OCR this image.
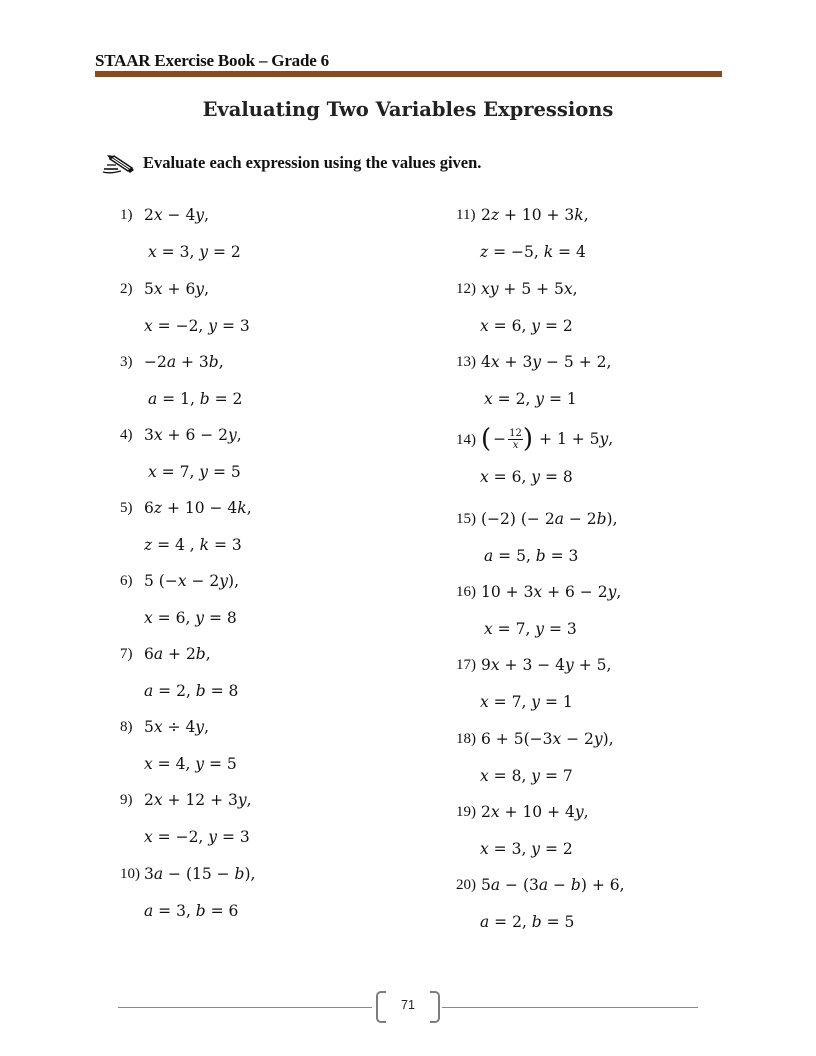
STAAR Exercise Book – Grade 6
Evaluating Two Variables Expressions
Evaluate each expression using the values given.
1) 2𝑥 − 4𝑦,
𝑥 = 3, 𝑦 = 2
2) 5𝑥 + 6𝑦,
𝑥 = −2, 𝑦 = 3
3) −2𝑎 + 3𝑏,
𝑎 = 1, 𝑏 = 2
4) 3𝑥 + 6 − 2𝑦,
𝑥 = 7, 𝑦 = 5
5) 6𝑧 + 10 − 4𝑘,
𝑧 = 4 , 𝑘 = 3
6) 5 (−𝑥 − 2𝑦),
𝑥 = 6, 𝑦 = 8
7) 6𝑎 + 2𝑏,
𝑎 = 2, 𝑏 = 8
8) 5𝑥 ÷ 4𝑦,
𝑥 = 4, 𝑦 = 5
9) 2𝑥 + 12 + 3𝑦,
𝑥 = −2, 𝑦 = 3
10) 3𝑎 − (15 − 𝑏),
𝑎 = 3, 𝑏 = 6
11) 2𝑧 + 10 + 3𝑘,
𝑧 = −5, 𝑘 = 4
12) 𝑥𝑦 + 5 + 5𝑥,
𝑥 = 6, 𝑦 = 2
13) 4𝑥 + 3𝑦 − 5 + 2,
𝑥 = 2, 𝑦 = 1
14) ( − 12
𝑥 ) + 1 + 5𝑦,
𝑥 = 6, 𝑦 = 8
15) (−2) (− 2𝑎 − 2𝑏),
𝑎 = 5, 𝑏 = 3
16) 10 + 3𝑥 + 6 − 2𝑦,
𝑥 = 7, 𝑦 = 3
17) 9𝑥 + 3 − 4𝑦 + 5,
𝑥 = 7, 𝑦 = 1
18) 6 + 5(−3𝑥 − 2𝑦),
𝑥 = 8, 𝑦 = 7
19) 2𝑥 + 10 + 4𝑦,
𝑥 = 3, 𝑦 = 2
20) 5𝑎 − (3𝑎 − 𝑏) + 6,
𝑎 = 2, 𝑏 = 5
71
